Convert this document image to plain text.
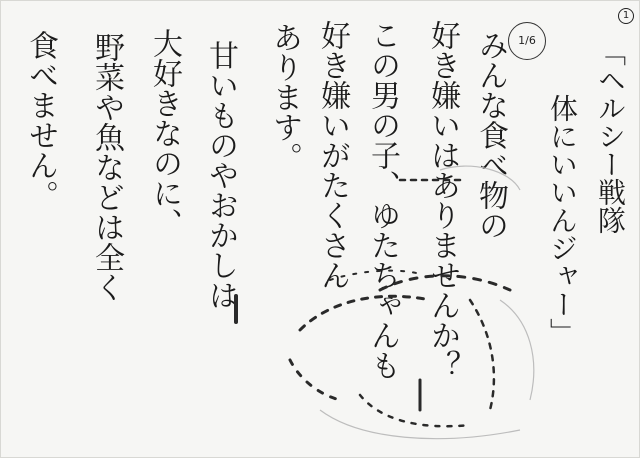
1
1/6	「ヘルシー戦隊
体にいいんジャー」
みんな食べ物の
好き嫌いはありませんか？
この男の子、ゆたちゃんも
好き嫌いがたくさん
あります。
甘いものやおかしは
大好きなのに、
野菜や魚などは全く
食べません。
